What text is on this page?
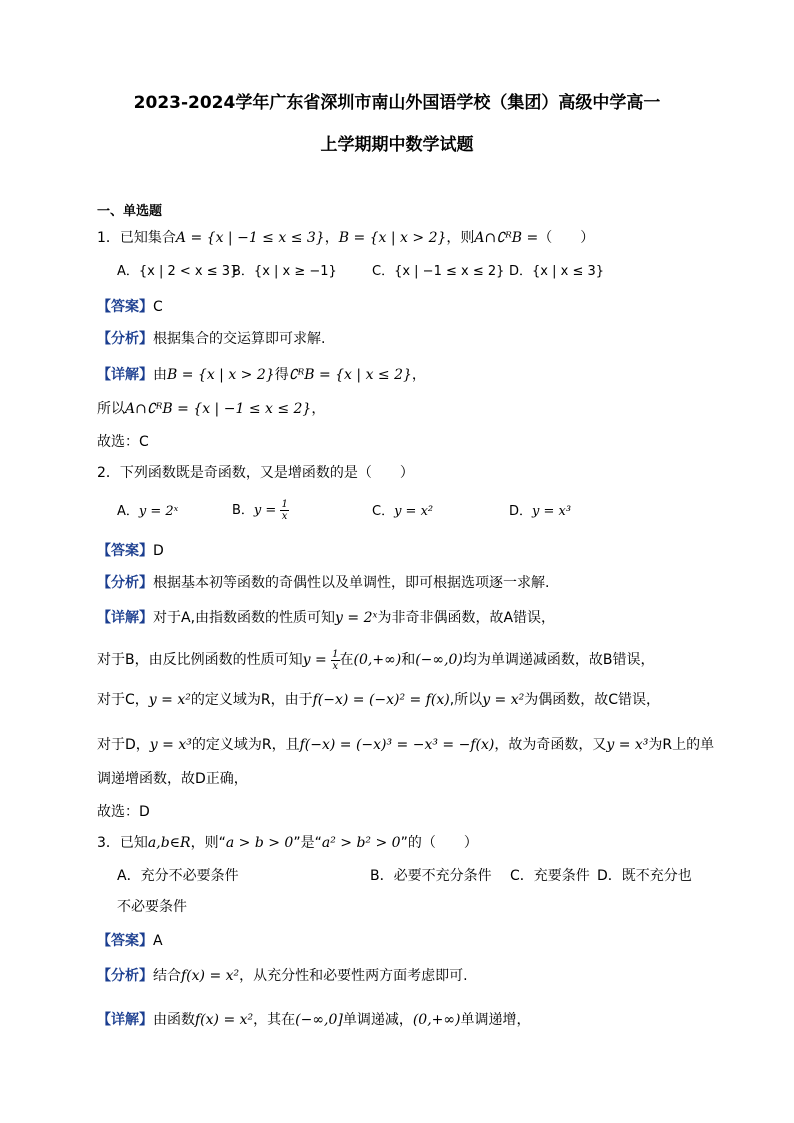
2023-2024学年广东省深圳市南山外国语学校（集团）高级中学高一
上学期期中数学试题
一、单选题
1．已知集合A = {x | −1 ≤ x ≤ 3}，B = {x | x > 2}，则A∩∁ᴿB =（　　）
A．{x | 2 < x ≤ 3}
B．{x | x ≥ −1}	C．{x | −1 ≤ x ≤ 2} D．{x | x ≤ 3}
【答案】C
【分析】根据集合的交运算即可求解.
【详解】由B = {x | x > 2}得∁ᴿB = {x | x ≤ 2}，
所以A∩∁ᴿB = {x | −1 ≤ x ≤ 2}，
故选：C
2．下列函数既是奇函数，又是增函数的是（　　）
A．y = 2ˣ	B．$y = \frac{1}{x}$	C．y = x²	D．y = x³
【答案】D
【分析】根据基本初等函数的奇偶性以及单调性，即可根据选项逐一求解.
【详解】对于A,由指数函数的性质可知y = 2ˣ为非奇非偶函数，故A错误，
对于B，由反比例函数的性质可知$y = \frac{1}{x}$ 在(0,+∞)和(−∞,0)均为单调递减函数，故B错误，
对于C，y = x²的定义域为R，由于f(−x) = (−x)² = f(x),所以y = x²为偶函数，故C错误，
对于D，y = x³的定义域为R，且f(−x) = (−x)³ = −x³ = −f(x)，故为奇函数，又y = x³为R上的单
调递增函数，故D正确，
故选：D
3．已知a,b∈R，则“a > b > 0”是“a² > b² > 0”的（　　）
A．充分不必要条件	B．必要不充分条件 C．充要条件 D．既不充分也
不必要条件
【答案】A
【分析】结合f(x) = x²，从充分性和必要性两方面考虑即可.
【详解】由函数f(x) = x²，其在(−∞,0]单调递减，(0,+∞)单调递增，
